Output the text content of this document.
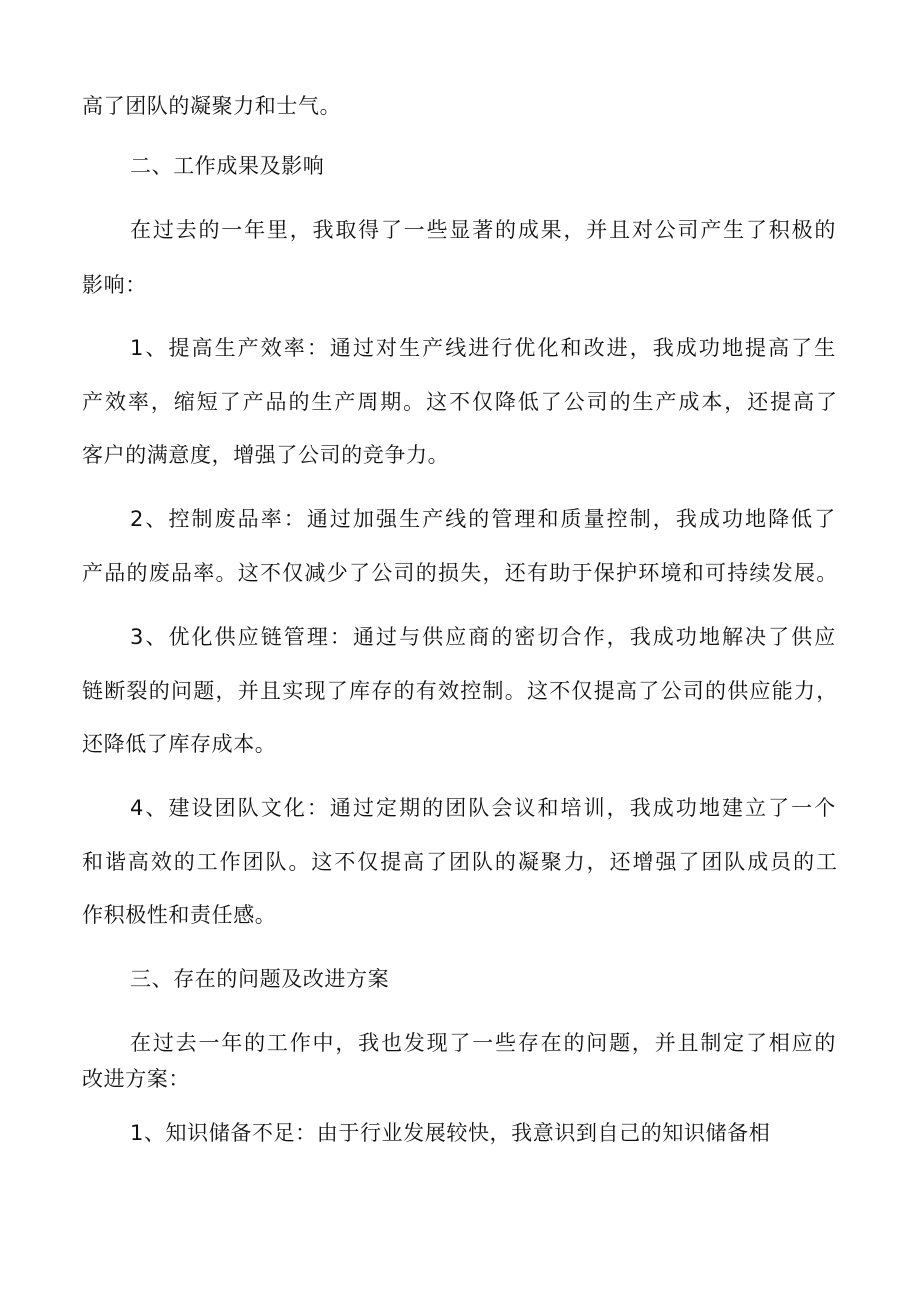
高了团队的凝聚力和士气。

二、工作成果及影响

在 过 去 的 一 年 里 ， 我 取 得 了 一 些 显 著 的 成 果 ， 并 且 对 公 司 产 生 了 积 极 的

影响：

1 、 提 高 生 产 效 率 ： 通 过 对 生 产 线 进 行 优 化 和 改 进 ， 我 成 功 地 提 高 了 生

产 效 率 ， 缩 短 了 产 品 的 生 产 周 期 。 这 不 仅 降 低 了 公 司 的 生 产 成 本 ， 还 提 高 了

客户的满意度，增强了公司的竞争力。

2 、 控 制 废 品 率 ： 通 过 加 强 生 产 线 的 管 理 和 质 量 控 制 ， 我 成 功 地 降 低 了

产 品 的 废 品 率 。 这 不 仅 减 少 了 公 司 的 损 失 ， 还 有 助 于 保 护 环 境 和 可 持 续 发 展 。

3 、 优 化 供 应 链 管 理 ： 通 过 与 供 应 商 的 密 切 合 作 ， 我 成 功 地 解 决 了 供 应

链 断 裂 的 问 题 ， 并 且 实 现 了 库 存 的 有 效 控 制 。 这 不 仅 提 高 了 公 司 的 供 应 能 力 ，

还降低了库存成本。

4 、 建 设 团 队 文 化 ： 通 过 定 期 的 团 队 会 议 和 培 训 ， 我 成 功 地 建 立 了 一 个

和 谐 高 效 的 工 作 团 队 。 这 不 仅 提 高 了 团 队 的 凝 聚 力 ， 还 增 强 了 团 队 成 员 的 工

作积极性和责任感。

三、存在的问题及改进方案

在 过 去 一 年 的 工 作 中 ， 我 也 发 现 了 一 些 存 在 的 问 题 ， 并 且 制 定 了 相 应 的

改进方案：

1、知识储备不足：由于行业发展较快，我意识到自己的知识储备相
